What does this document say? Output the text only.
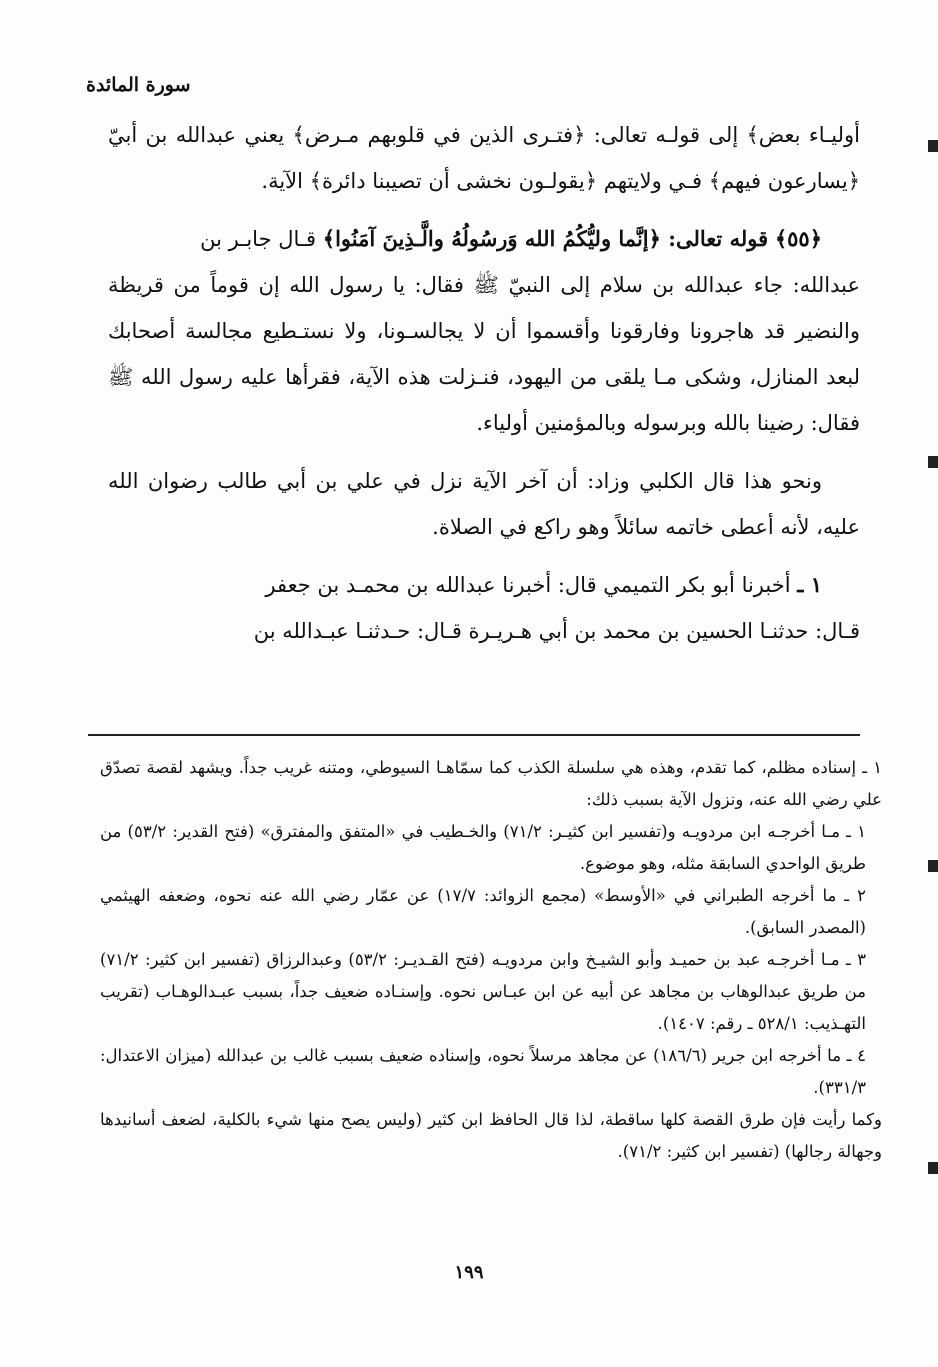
سورة المائدة

أوليـاء بعض﴾ إلى قولـه تعالى: ﴿فتـرى الذين في قلوبهم مـرض﴾ يعني عبدالله بن أبيّ ﴿يسارعون فيهم﴾ فـي ولايتهم ﴿يقولـون نخشى أن تصيبنا دائرة﴾ الآية.

﴿٥٥﴾ قوله تعالى: ﴿إنَّما وليُّكُمُ الله وَرسُولُهُ والَّـذِينَ آمَنُوا﴾ قـال جابـر بن

عبدالله: جاء عبدالله بن سلام إلى النبيّ ﷺ فقال: يا رسول الله إن قوماً من قريظة والنضير قد هاجرونا وفارقونا وأقسموا أن لا يجالسـونا، ولا نستـطيع مجالسة أصحابك لبعد المنازل، وشكى مـا يلقى من اليهود، فنـزلت هذه الآية، فقرأها عليه رسول الله ﷺ فقال: رضينا بالله وبرسوله وبالمؤمنين أولياء.

ونحو هذا قال الكلبي وزاد: أن آخر الآية نزل في علي بن أبي طالب رضوان الله عليه، لأنه أعطى خاتمه سائلاً وهو راكع في الصلاة.

١ ـ أخبرنا أبو بكر التميمي قال: أخبرنا عبدالله بن محمـد بن جعفر

قـال: حدثنـا الحسين بن محمد بن أبي هـريـرة قـال: حـدثنـا عبـدالله بن

١ ـ إسناده مظلم، كما تقدم، وهذه هي سلسلة الكذب كما سمّاهـا السيوطي، ومتنه غريب جداً. ويشهد لقصة تصدّق علي رضي الله عنه، ونزول الآية بسبب ذلك:

١ ـ مـا أخرجـه ابن مردويـه و(تفسير ابن كثيـر: ٧١/٢) والخـطيب في «المتفق والمفترق» (فتح القدير: ٥٣/٢) من طريق الواحدي السابقة مثله، وهو موضوع.

٢ ـ ما أخرجه الطبراني في «الأوسط» (مجمع الزوائد: ١٧/٧) عن عمّار رضي الله عنه نحوه، وضعفه الهيثمي (المصدر السابق).

٣ ـ مـا أخرجـه عبد بن حميـد وأبو الشيـخ وابن مردويـه (فتح القـديـر: ٥٣/٢) وعبدالرزاق (تفسير ابن كثير: ٧١/٢) من طريق عبدالوهاب بن مجاهد عن أبيه عن ابن عبـاس نحوه. وإسنـاده ضعيف جداً، بسبب عبـدالوهـاب (تقريب التهـذيب: ٥٢٨/١ ـ رقم: ١٤٠٧).

٤ ـ ما أخرجه ابن جرير (١٨٦/٦) عن مجاهد مرسلاً نحوه، وإسناده ضعيف بسبب غالب بن عبدالله (ميزان الاعتدال: ٣٣١/٣).

وكما رأيت فإن طرق القصة كلها ساقطة، لذا قال الحافظ ابن كثير (وليس يصح منها شيء بالكلية، لضعف أسانيدها وجهالة رجالها) (تفسير ابن كثير: ٧١/٢).

١٩٩
